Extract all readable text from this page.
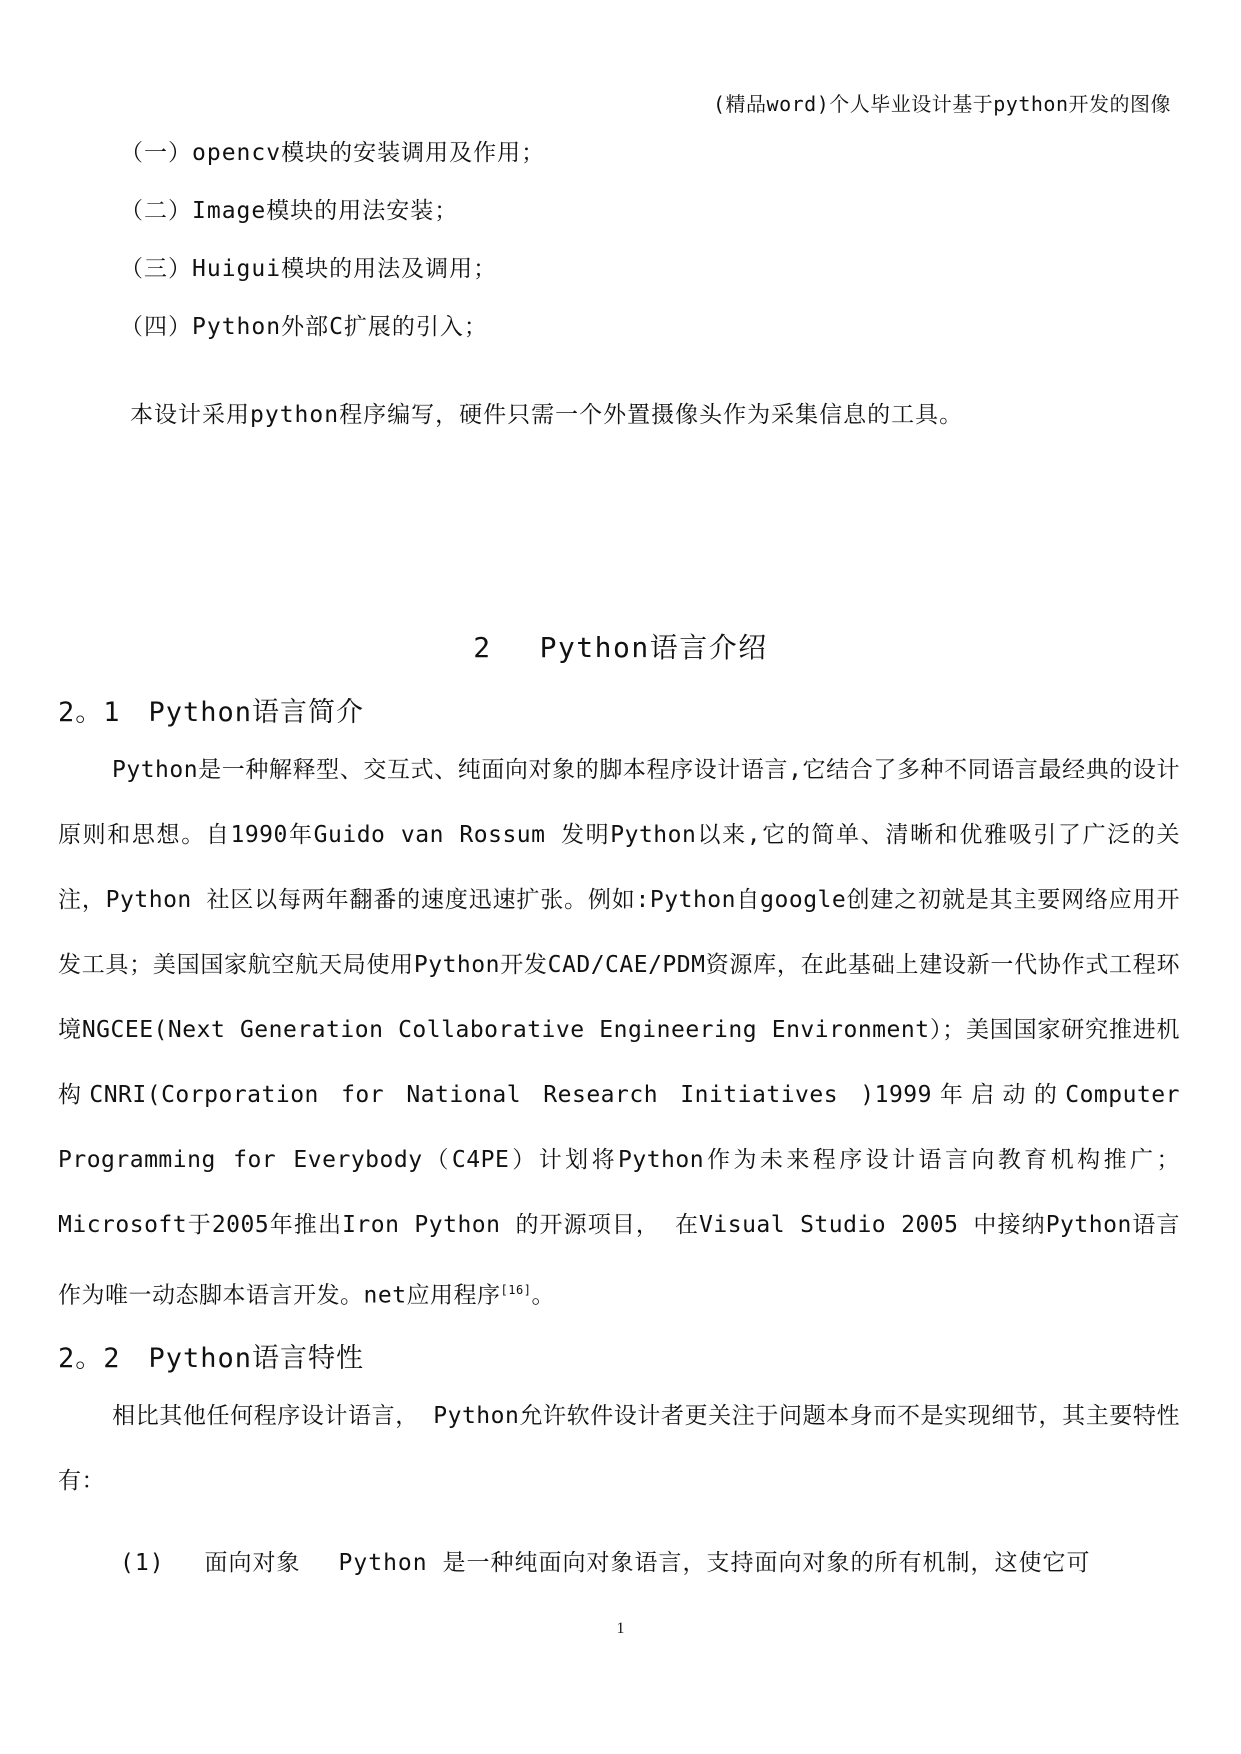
(精品word)个人毕业设计基于python开发的图像
（一）opencv模块的安装调用及作用；
（二）Image模块的用法安装；
（三）Huigui模块的用法及调用；
（四）Python外部C扩展的引入；
本设计采用python程序编写，硬件只需一个外置摄像头作为采集信息的工具。
2 Python语言介绍
2。1 Python语言简介

Python是一种解释型、交互式、纯面向对象的脚本程序设计语言,它结合了多种不同语言最经典的设计原则和思想。自1990年Guido van Rossum 发明Python以来,它的简单、清晰和优雅吸引了广泛的关注，Python 社区以每两年翻番的速度迅速扩张。例如:Python自google创建之初就是其主要网络应用开发工具；美国国家航空航天局使用Python开发CAD/CAE/PDM资源库，在此基础上建设新一代协作式工程环境NGCEE(Next Generation Collaborative Engineering Environment）；美国国家研究推进机构CNRI(Corporation for National Research Initiatives )1999年启动的Computer Programming for Everybody（C4PE）计划将Python作为未来程序设计语言向教育机构推广； Microsoft于2005年推出Iron Python 的开源项目， 在Visual Studio 2005 中接纳Python语言作为唯一动态脚本语言开发。net应用程序[16]。

2。2 Python语言特性

相比其他任何程序设计语言， Python允许软件设计者更关注于问题本身而不是实现细节，其主要特性有：

(1) 面向对象 Python 是一种纯面向对象语言，支持面向对象的所有机制，这使它可
1
